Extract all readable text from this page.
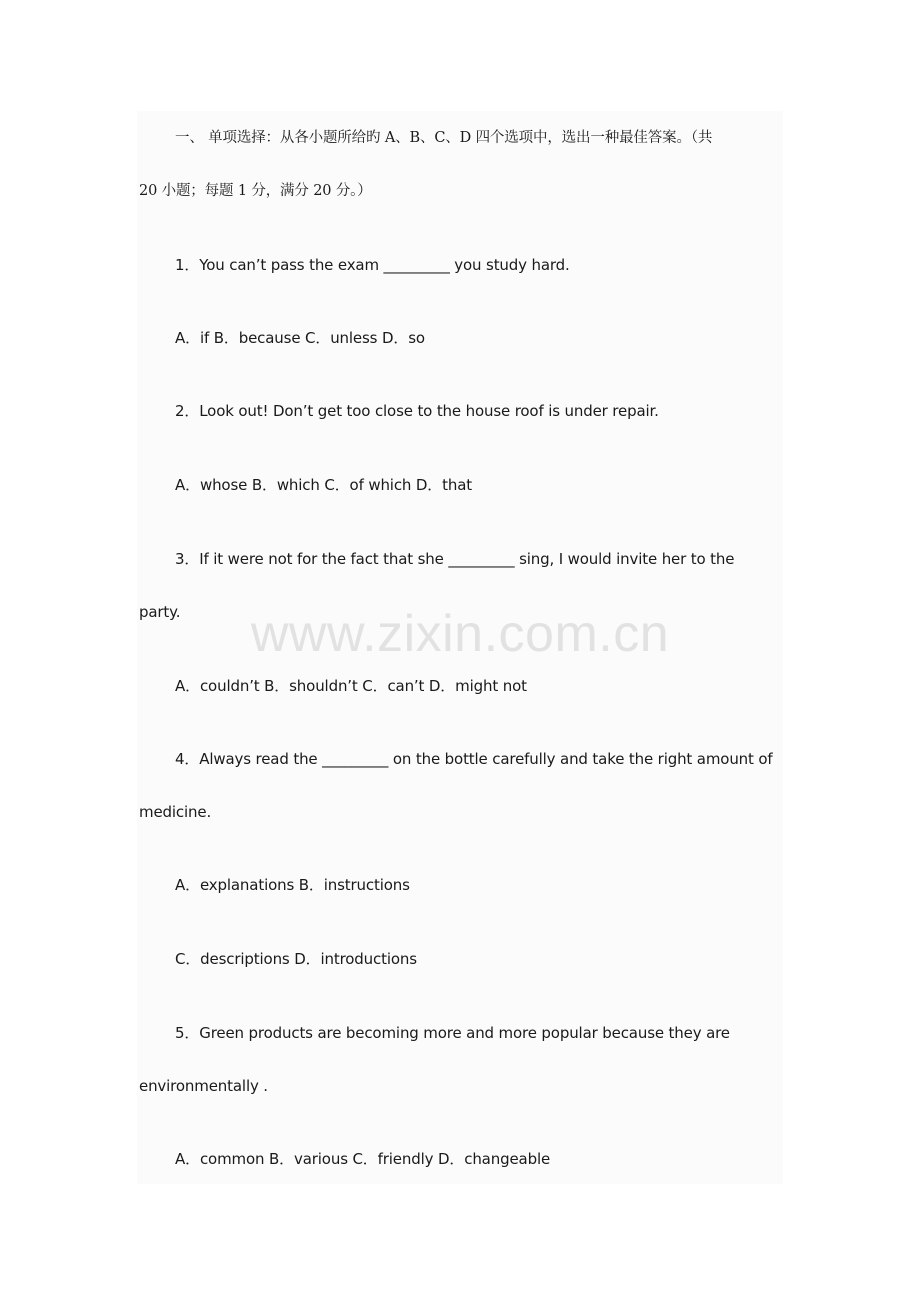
一、 单项选择：从各小题所给旳 A、B、C、D 四个选项中，选出一种最佳答案。（共
20 小题；每题 1 分，满分 20 分。）
1．You can’t pass the exam _________ you study hard.
A．if B．because C．unless D．so
2．Look out! Don’t get too close to the house roof is under repair.
A．whose B．which C．of which D．that
3．If it were not for the fact that she _________ sing, I would invite her to the
party.
A．couldn’t B．shouldn’t C．can’t D．might not
4．Always read the _________ on the bottle carefully and take the right amount of
medicine.
A．explanations B．instructions
C．descriptions D．introductions
5．Green products are becoming more and more popular because they are
environmentally .
A．common B．various C．friendly D．changeable
www.zixin.com.cn
